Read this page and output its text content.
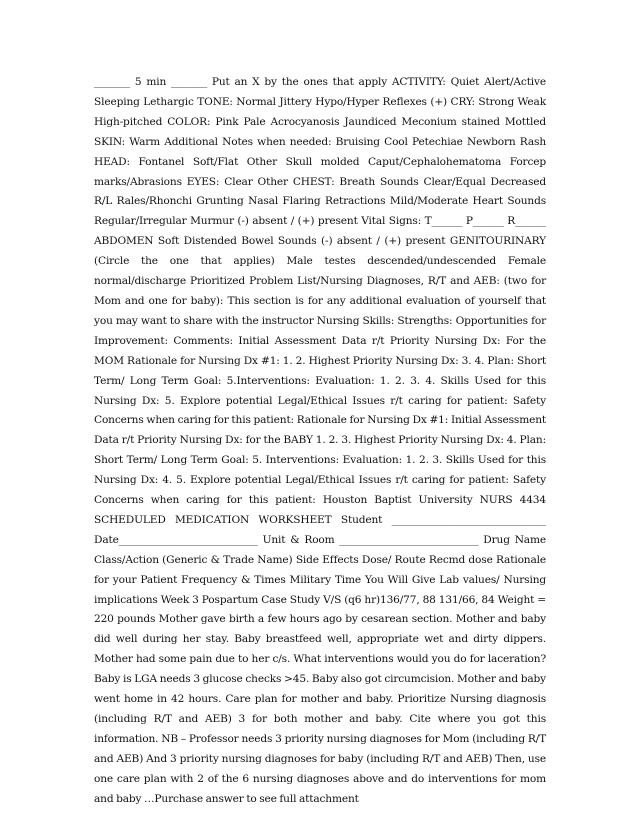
_______ 5 min _______ Put an X by the ones that apply ACTIVITY: Quiet Alert/Active Sleeping Lethargic TONE: Normal Jittery Hypo/Hyper Reflexes (+) CRY: Strong Weak High-pitched COLOR: Pink Pale Acrocyanosis Jaundiced Meconium stained Mottled SKIN: Warm Additional Notes when needed: Bruising Cool Petechiae Newborn Rash HEAD: Fontanel Soft/Flat Other Skull molded Caput/Cephalohematoma Forcep marks/Abrasions EYES: Clear Other CHEST: Breath Sounds Clear/Equal Decreased R/L Rales/Rhonchi Grunting Nasal Flaring Retractions Mild/Moderate Heart Sounds Regular/Irregular Murmur (-) absent / (+) present Vital Signs: T______ P______ R______ ABDOMEN Soft Distended Bowel Sounds (-) absent / (+) present GENITOURINARY (Circle the one that applies) Male testes descended/undescended Female normal/discharge Prioritized Problem List/Nursing Diagnoses, R/T and AEB: (two for Mom and one for baby): This section is for any additional evaluation of yourself that you may want to share with the instructor Nursing Skills: Strengths: Opportunities for Improvement: Comments: Initial Assessment Data r/t Priority Nursing Dx: For the MOM Rationale for Nursing Dx #1: 1. 2. Highest Priority Nursing Dx: 3. 4. Plan: Short Term/ Long Term Goal: 5.Interventions: Evaluation: 1. 2. 3. 4. Skills Used for this Nursing Dx: 5. Explore potential Legal/Ethical Issues r/t caring for patient: Safety Concerns when caring for this patient: Rationale for Nursing Dx #1: Initial Assessment Data r/t Priority Nursing Dx: for the BABY 1. 2. 3. Highest Priority Nursing Dx: 4. Plan: Short Term/ Long Term Goal: 5. Interventions: Evaluation: 1. 2. 3. Skills Used for this Nursing Dx: 4. 5. Explore potential Legal/Ethical Issues r/t caring for patient: Safety Concerns when caring for this patient: Houston Baptist University NURS 4434 SCHEDULED MEDICATION WORKSHEET Student ______________________________ Date___________________________ Unit & Room ___________________________ Drug Name Class/Action (Generic & Trade Name) Side Effects Dose/ Route Recmd dose Rationale for your Patient Frequency & Times Military Time You Will Give Lab values/ Nursing implications Week 3 Pospartum Case Study V/S (q6 hr)136/77, 88 131/66, 84 Weight = 220 pounds Mother gave birth a few hours ago by cesarean section. Mother and baby did well during her stay. Baby breastfeed well, appropriate wet and dirty dippers. Mother had some pain due to her c/s. What interventions would you do for laceration? Baby is LGA needs 3 glucose checks >45. Baby also got circumcision. Mother and baby went home in 42 hours. Care plan for mother and baby. Prioritize Nursing diagnosis (including R/T and AEB) 3 for both mother and baby. Cite where you got this information. NB – Professor needs 3 priority nursing diagnoses for Mom (including R/T and AEB) And 3 priority nursing diagnoses for baby (including R/T and AEB) Then, use one care plan with 2 of the 6 nursing diagnoses above and do interventions for mom and baby …Purchase answer to see full attachment
